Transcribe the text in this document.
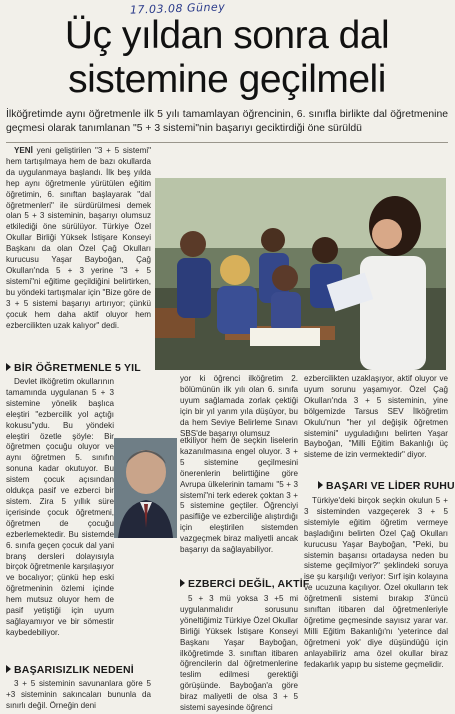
17.03.08 Güney
Üç yıldan sonra dal
sistemine geçilmeli
İlköğretimde aynı öğretmenle ilk 5 yılı tamamlayan öğrencinin, 6. sınıfla birlikte dal öğretmenine geçmesi olarak tanımlanan "5 + 3 sistemi"nin başarıyı geciktirdiği öne sürüldü

YENİ yeni geliştirilen "3 + 5 sistemi" hem tartışılmaya hem de bazı okullarda da uygulanmaya başlandı. İlk beş yılda hep aynı öğretmenle yürütülen eğitim öğretimin, 6. sınıftan başlayarak "dal öğretmenleri" ile sürdürülmesi demek olan 5 + 3 sisteminin, başarıyı olumsuz etkilediği öne sürülüyor. Türkiye Özel Okullar Birliği Yüksek İstişare Konseyi Başkanı da olan Özel Çağ Okulları kurucusu Yaşar Bayboğan, Çağ Okulları'nda 5 + 3 yerine "3 + 5 sistemi"ni eğitime geçildiğini belirtirken, bu yöndeki tartışmalar için "Bize göre de 3 + 5 sistemi başarıyı artırıyor; çünkü çocuk hem daha aktif oluyor hem ezbercilikten uzak kalıyor" dedi.

BİR ÖĞRETMENLE 5 YIL

Devlet ilköğretim okullarının tamamında uygulanan 5 + 3 sistemine yönelik başlıca eleştiri "ezbercilik yol açtığı kokusu"ydu. Bu yöndeki eleştiri özetle şöyle: Bir öğretmen çocuğu oluyor ve aynı öğretmen 5. sınıfın sonuna kadar okutuyor. Bu sistem çocuk açısından oldukça pasif ve ezberci bir sistem. Zira 5 yıllık süre içerisinde çocuk öğretmeni, öğretmen de çocuğu ezberlemektedir. Bu sistemde 6. sınıfa geçen çocuk dal yani branş dersleri dolayısıyla birçok öğretmenle karşılaşıyor ve bocalıyor; çünkü hep eski öğretmeninin özlemi içinde hem mutsuz oluyor hem de pasif yetiştiği için uyum sağlayamıyor ve bir sömestir kaybedebiliyor.

BAŞARISIZLIK NEDENİ

3 + 5 sisteminin savunanlara göre 5 +3 sisteminin sakıncaları bununla da sınırlı değil. Örneğin deni

yor ki öğrenci ilköğretim 2. bölümünün ilk yılı olan 6. sınıfa uyum sağlamada zorlak çektiği için bir yıl yarım yıla düşüyor, bu da hem Seviye Belirleme Sınavı SBS'de başarıyı olumsuz

etkiliyor hem de seçkin liselerin kazanılmasına engel oluyor. 3 + 5 sistemine geçilmesini önerenlerin belirttiğine göre Avrupa ülkelerinin tamamı "5 + 3 sistemi"ni terk ederek çoktan 3 + 5 sistemine geçtiler. Öğrenciyi pasifliğe ve ezberciliğe alıştırdığı için eleştirilen sistemden vazgeçmek biraz maliyetli ancak başarıyı da sağlayabiliyor.

EZBERCİ DEĞİL, AKTİF

5 + 3 mü yoksa 3 +5 mi uygulanmalıdır sorusunu yöneltiğimiz Türkiye Özel Okullar Birliği Yüksek İstişare Konseyi Başkanı Yaşar Bayboğan, ilköğretimde 3. sınıftan itibaren öğrencilerin dal öğretmenlerine teslim edilmesi gerektiği görüşünde. Bayboğan'a göre biraz maliyetli de olsa 3 + 5 sistemi sayesinde öğrenci

ezbercilikten uzaklaşıyor, aktif oluyor ve uyum sorunu yaşamıyor. Özel Çağ Okulları'nda 3 + 5 sisteminin, yine bölgemizde Tarsus SEV İlköğretim Okulu'nun "her yıl değişik öğretmen sistemini" uyguladığını belirten Yaşar Bayboğan, "Milli Eğitim Bakanlığı üç sisteme de izin vermektedir" diyor.

BAŞARI VE LİDER RUHU

Türkiye'deki birçok seçkin okulun 5 + 3 sisteminden vazgeçerek 3 + 5 sistemiyle eğitim öğretim vermeye başladığını belirten Özel Çağ Okulları kurucusu Yaşar Bayboğan, "Peki, bu sistemin başarısı ortadaysa neden bu sisteme geçilmiyor?" şeklindeki soruya ise şu karşılığı veriyor: Sırf işin kolayına ve ucuzuna kaçılıyor. Özel okulların tek öğretmenli sistemi bırakıp 3'üncü sınıftan itibaren dal öğretmenleriyle öğretime geçmesinde sayısız yarar var. Milli Eğitim Bakanlığı'nı 'yeterince dal öğretmeni yok' diye düşündüğü için anlayabiliriz ama özel okullar biraz fedakarlık yapıp bu sisteme geçmelidir.
